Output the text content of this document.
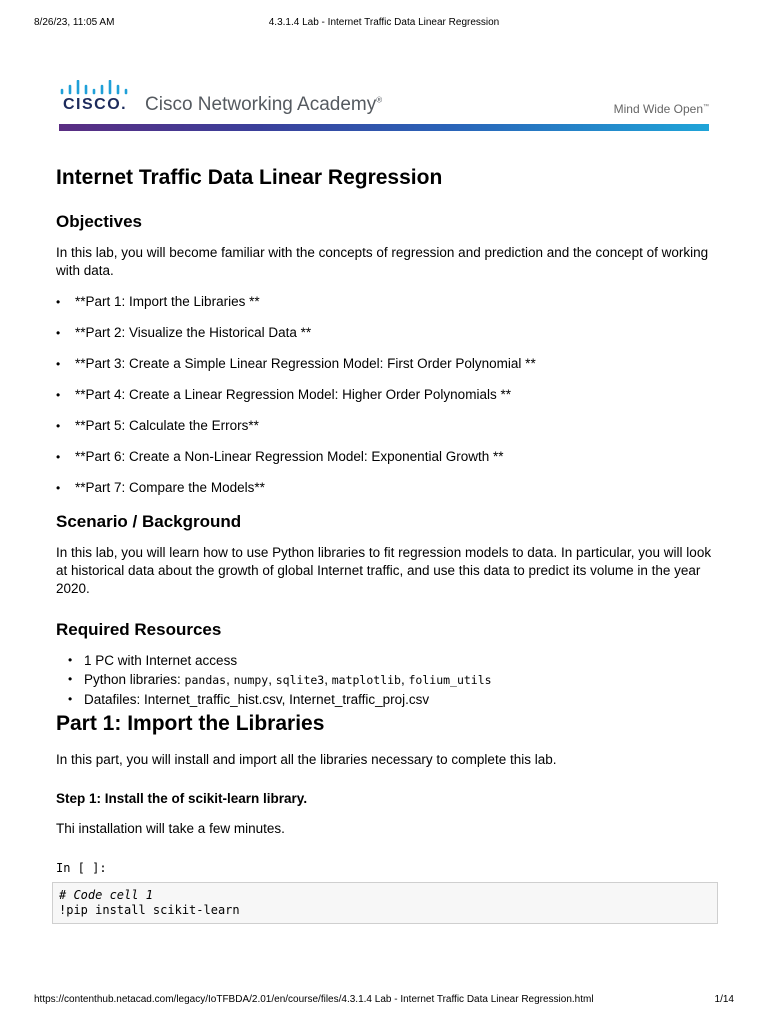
8/26/23, 11:05 AM	4.3.1.4 Lab - Internet Traffic Data Linear Regression
CISCO. Cisco Networking Academy®
Mind Wide Open™
Internet Traffic Data Linear Regression
Objectives

In this lab, you will become familiar with the concepts of regression and prediction and the concept of working with data.

• **Part 1: Import the Libraries **
• **Part 2: Visualize the Historical Data **
• **Part 3: Create a Simple Linear Regression Model: First Order Polynomial **
• **Part 4: Create a Linear Regression Model: Higher Order Polynomials **
• **Part 5: Calculate the Errors**
• **Part 6: Create a Non-Linear Regression Model: Exponential Growth **
• **Part 7: Compare the Models**
Scenario / Background

In this lab, you will learn how to use Python libraries to fit regression models to data. In particular, you will look at historical data about the growth of global Internet traffic, and use this data to predict its volume in the year 2020.

Required Resources
• 1 PC with Internet access
• Python libraries: pandas, numpy, sqlite3, matplotlib, folium_utils
• Datafiles: Internet_traffic_hist.csv, Internet_traffic_proj.csv
Part 1: Import the Libraries

In this part, you will install and import all the libraries necessary to complete this lab.

Step 1: Install the of scikit-learn library.

Thi installation will take a few minutes.

In [ ]:
# Code cell 1
!pip install scikit-learn
https://contenthub.netacad.com/legacy/IoTFBDA/2.01/en/course/files/4.3.1.4 Lab - Internet Traffic Data Linear Regression.html	1/14
